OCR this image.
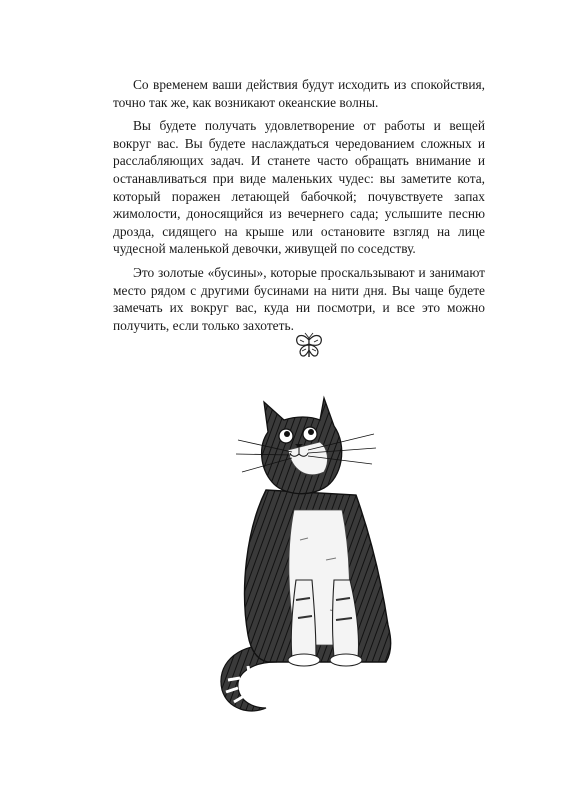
Со временем ваши действия будут исходить из спокойствия, точно так же, как возникают океанские волны.

Вы будете получать удовлетворение от работы и вещей вокруг вас. Вы будете наслаждаться чередованием сложных и расслабляющих задач. И станете часто обращать внимание и останавливаться при виде маленьких чудес: вы заметите кота, который поражен летающей бабочкой; почувствуете запах жимолости, доносящийся из вечернего сада; услышите песню дрозда, сидящего на крыше или остановите взгляд на лице чудесной маленькой девочки, живущей по соседству.

Это золотые «бусины», которые проскальзывают и занимают место рядом с другими бусинами на нити дня. Вы чаще будете замечать их вокруг вас, куда ни посмотри, и все это можно получить, если только захотеть.
